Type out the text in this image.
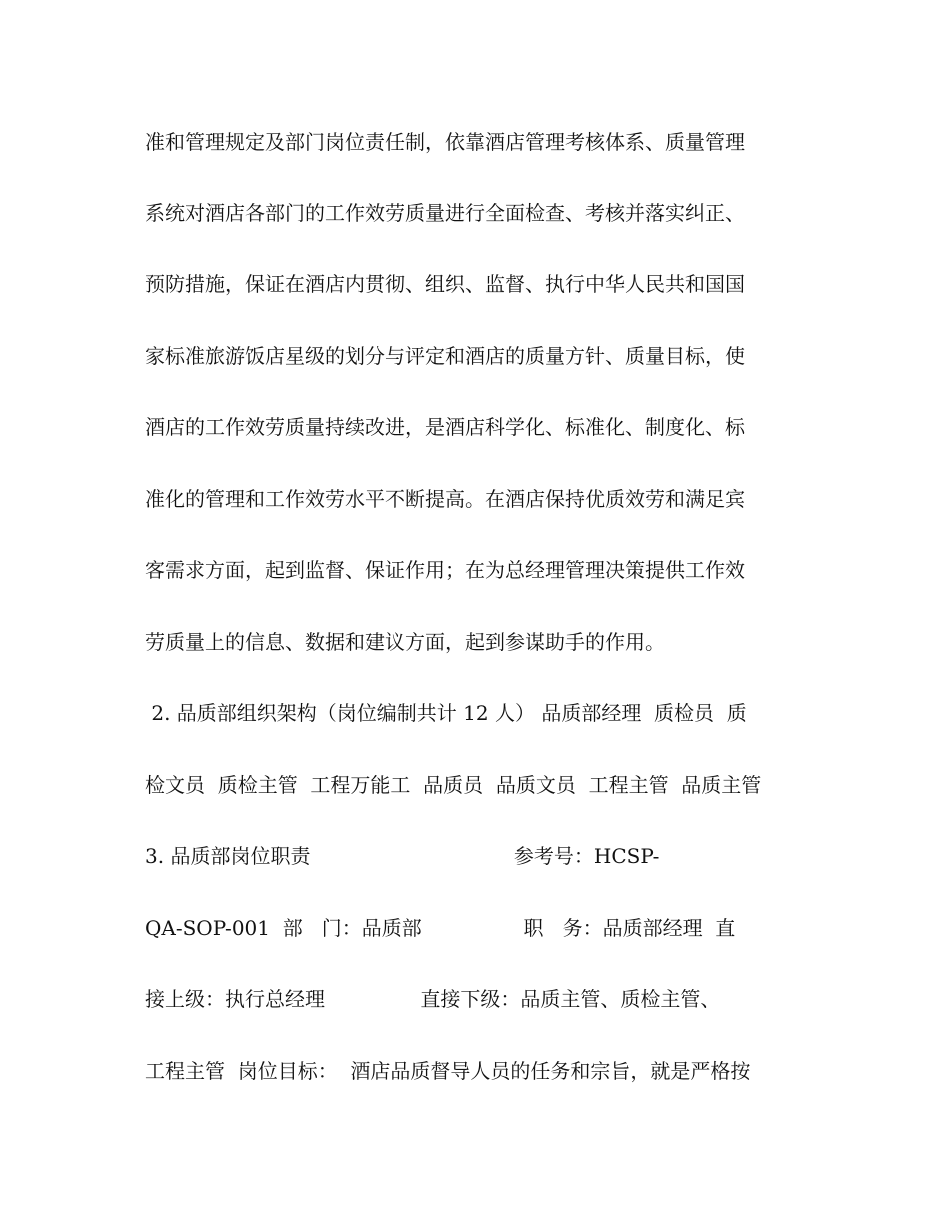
准和管理规定及部门岗位责任制，依靠酒店管理考核体系、质量管理
系统对酒店各部门的工作效劳质量进行全面检查、考核并落实纠正、
预防措施，保证在酒店内贯彻、组织、监督、执行中华人民共和国国
家标准旅游饭店星级的划分与评定和酒店的质量方针、质量目标，使
酒店的工作效劳质量持续改进，是酒店科学化、标准化、制度化、标
准化的管理和工作效劳水平不断提高。在酒店保持优质效劳和满足宾
客需求方面，起到监督、保证作用；在为总经理管理决策提供工作效
劳质量上的信息、数据和建议方面，起到参谋助手的作用。
2. 品质部组织架构（岗位编制共计 12 人） 品质部经理  质检员  质
检文员  质检主管  工程万能工  品质员  品质文员  工程主管  品质主管
3. 品质部岗位职责                                参考号：HCSP-
QA-SOP-001  部   门：品质部                职   务：品质部经理  直
接上级：执行总经理               直接下级：品质主管、质检主管、
工程主管  岗位目标：  酒店品质督导人员的任务和宗旨，就是严格按
